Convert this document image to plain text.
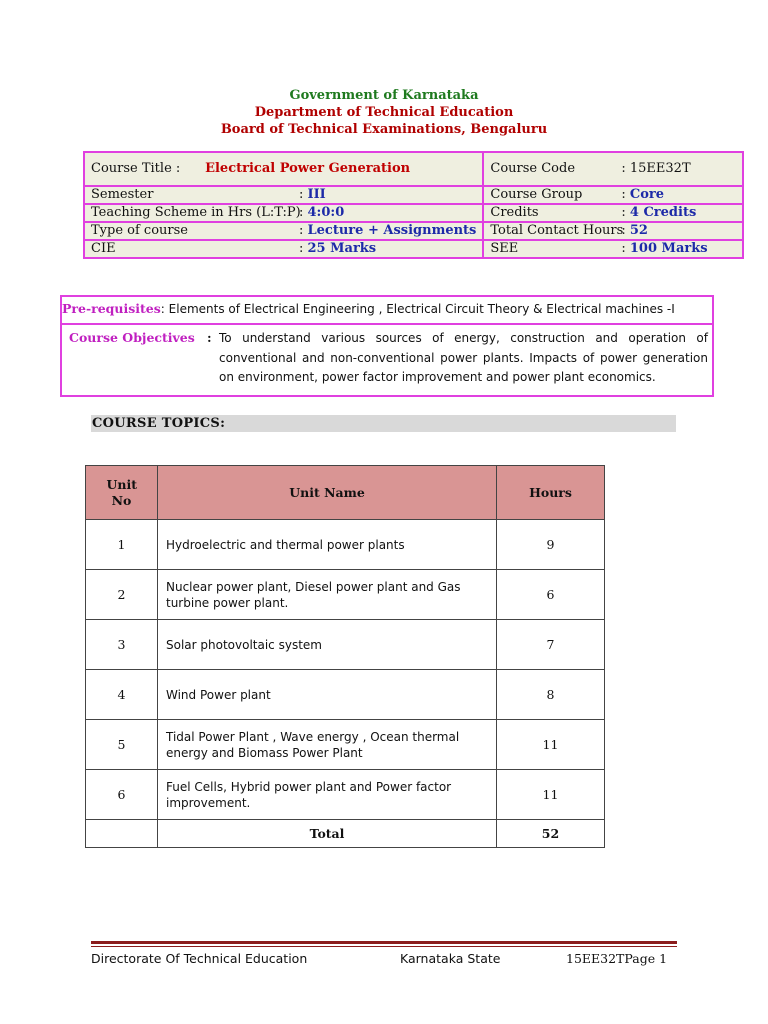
Government of Karnataka
Department of Technical Education
Board of Technical Examinations, Bengaluru
Course Title : Electrical Power Generation	Course Code : 15EE32T
Semester : III	Course Group : Core
Teaching Scheme in Hrs (L:T:P): 4:0:0	Credits : 4 Credits
Type of course : Lecture + Assignments	Total Contact Hours: 52
CIE : 25 Marks	SEE : 100 Marks
Pre-requisites: Elements of Electrical Engineering , Electrical Circuit Theory & Electrical machines -I
Course Objectives : To understand various sources of energy, construction and operation of conventional and non-conventional power plants. Impacts of power generation on environment, power factor improvement and power plant economics.
COURSE TOPICS:
Unit No	Unit Name	Hours
1	Hydroelectric and thermal power plants	9
2	Nuclear power plant, Diesel power plant and Gas turbine power plant.	6
3	Solar photovoltaic system	7
4	Wind Power plant	8
5	Tidal Power Plant , Wave energy , Ocean thermal energy and Biomass Power Plant	11
6	Fuel Cells, Hybrid power plant and Power factor improvement.	11
	Total	52
Directorate Of Technical Education	Karnataka State	15EE32TPage 1
